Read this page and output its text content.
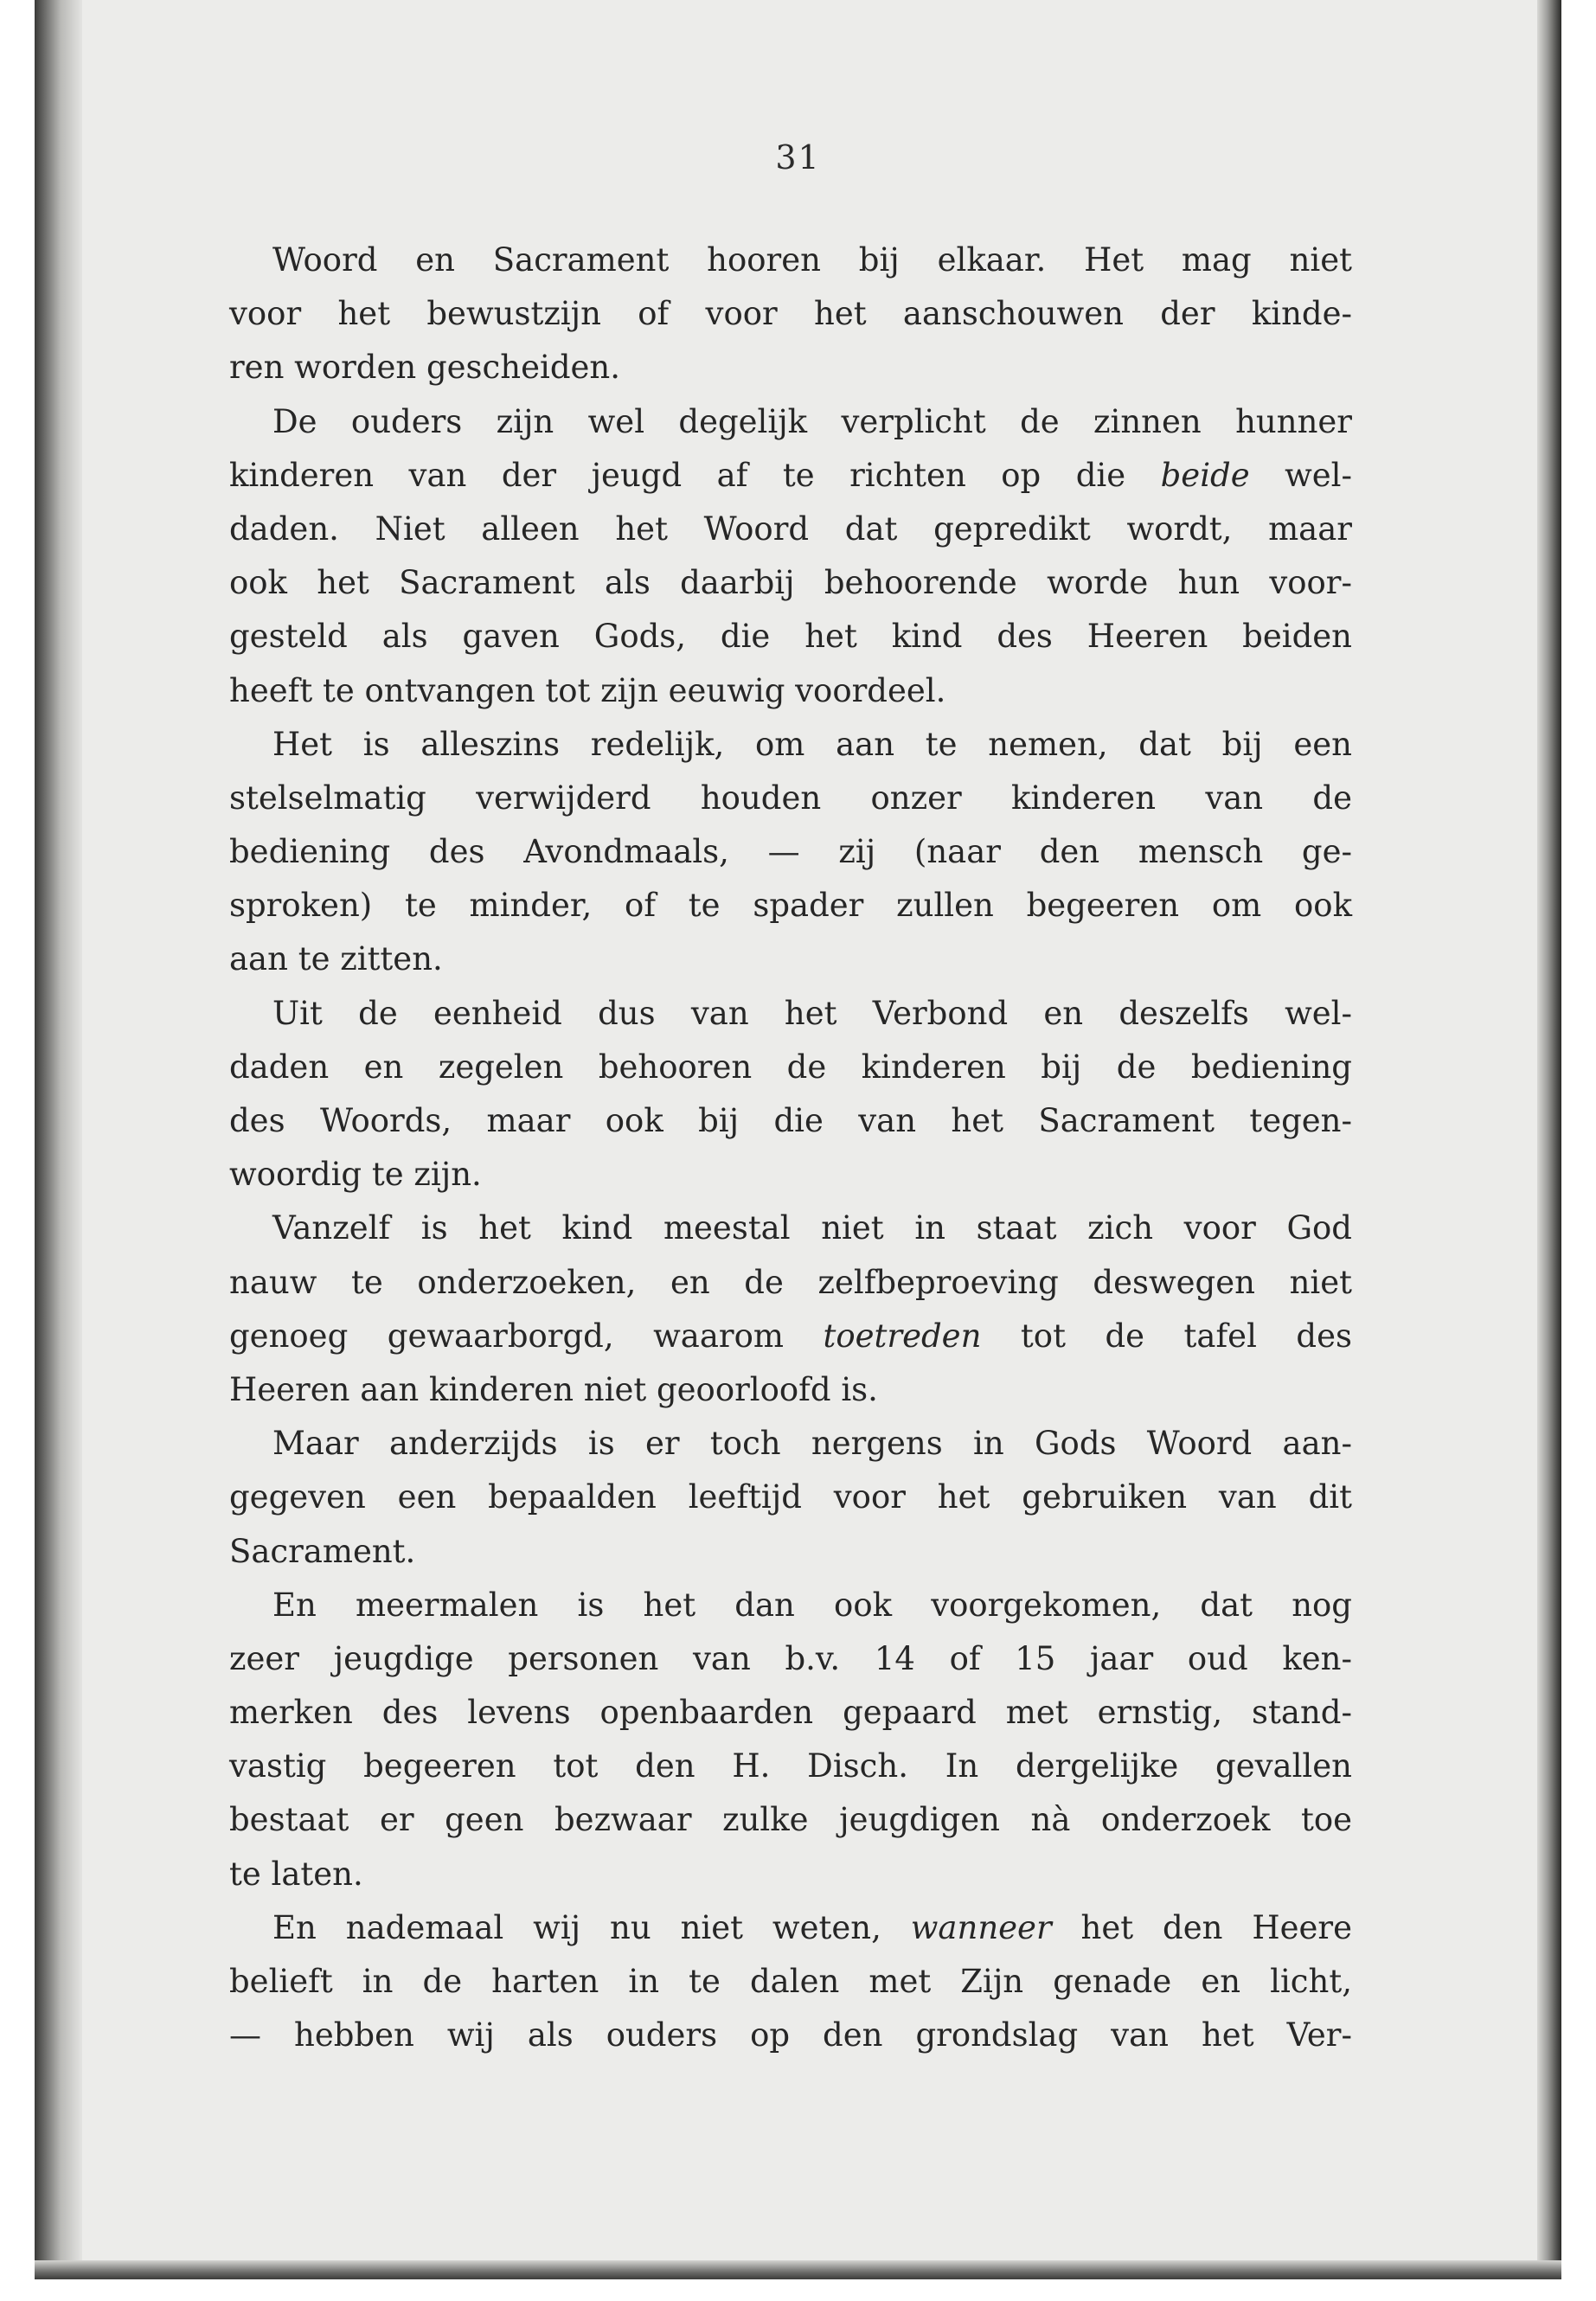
31
Woord en Sacrament hooren bij elkaar. Het mag niet
voor het bewustzijn of voor het aanschouwen der kinde-
ren worden gescheiden.
De ouders zijn wel degelijk verplicht de zinnen hunner
kinderen van der jeugd af te richten op die beide wel-
daden. Niet alleen het Woord dat gepredikt wordt, maar
ook het Sacrament als daarbij behoorende worde hun voor-
gesteld als gaven Gods, die het kind des Heeren beiden
heeft te ontvangen tot zijn eeuwig voordeel.
Het is alleszins redelijk, om aan te nemen, dat bij een
stelselmatig verwijderd houden onzer kinderen van de
bediening des Avondmaals, — zij (naar den mensch ge-
sproken) te minder, of te spader zullen begeeren om ook
aan te zitten.
Uit de eenheid dus van het Verbond en deszelfs wel-
daden en zegelen behooren de kinderen bij de bediening
des Woords, maar ook bij die van het Sacrament tegen-
woordig te zijn.
Vanzelf is het kind meestal niet in staat zich voor God
nauw te onderzoeken, en de zelfbeproeving deswegen niet
genoeg gewaarborgd, waarom toetreden tot de tafel des
Heeren aan kinderen niet geoorloofd is.
Maar anderzijds is er toch nergens in Gods Woord aan-
gegeven een bepaalden leeftijd voor het gebruiken van dit
Sacrament.
En meermalen is het dan ook voorgekomen, dat nog
zeer jeugdige personen van b.v. 14 of 15 jaar oud ken-
merken des levens openbaarden gepaard met ernstig, stand-
vastig begeeren tot den H. Disch. In dergelijke gevallen
bestaat er geen bezwaar zulke jeugdigen nà onderzoek toe
te laten.
En nademaal wij nu niet weten, wanneer het den Heere
belieft in de harten in te dalen met Zijn genade en licht,
— hebben wij als ouders op den grondslag van het Ver-
